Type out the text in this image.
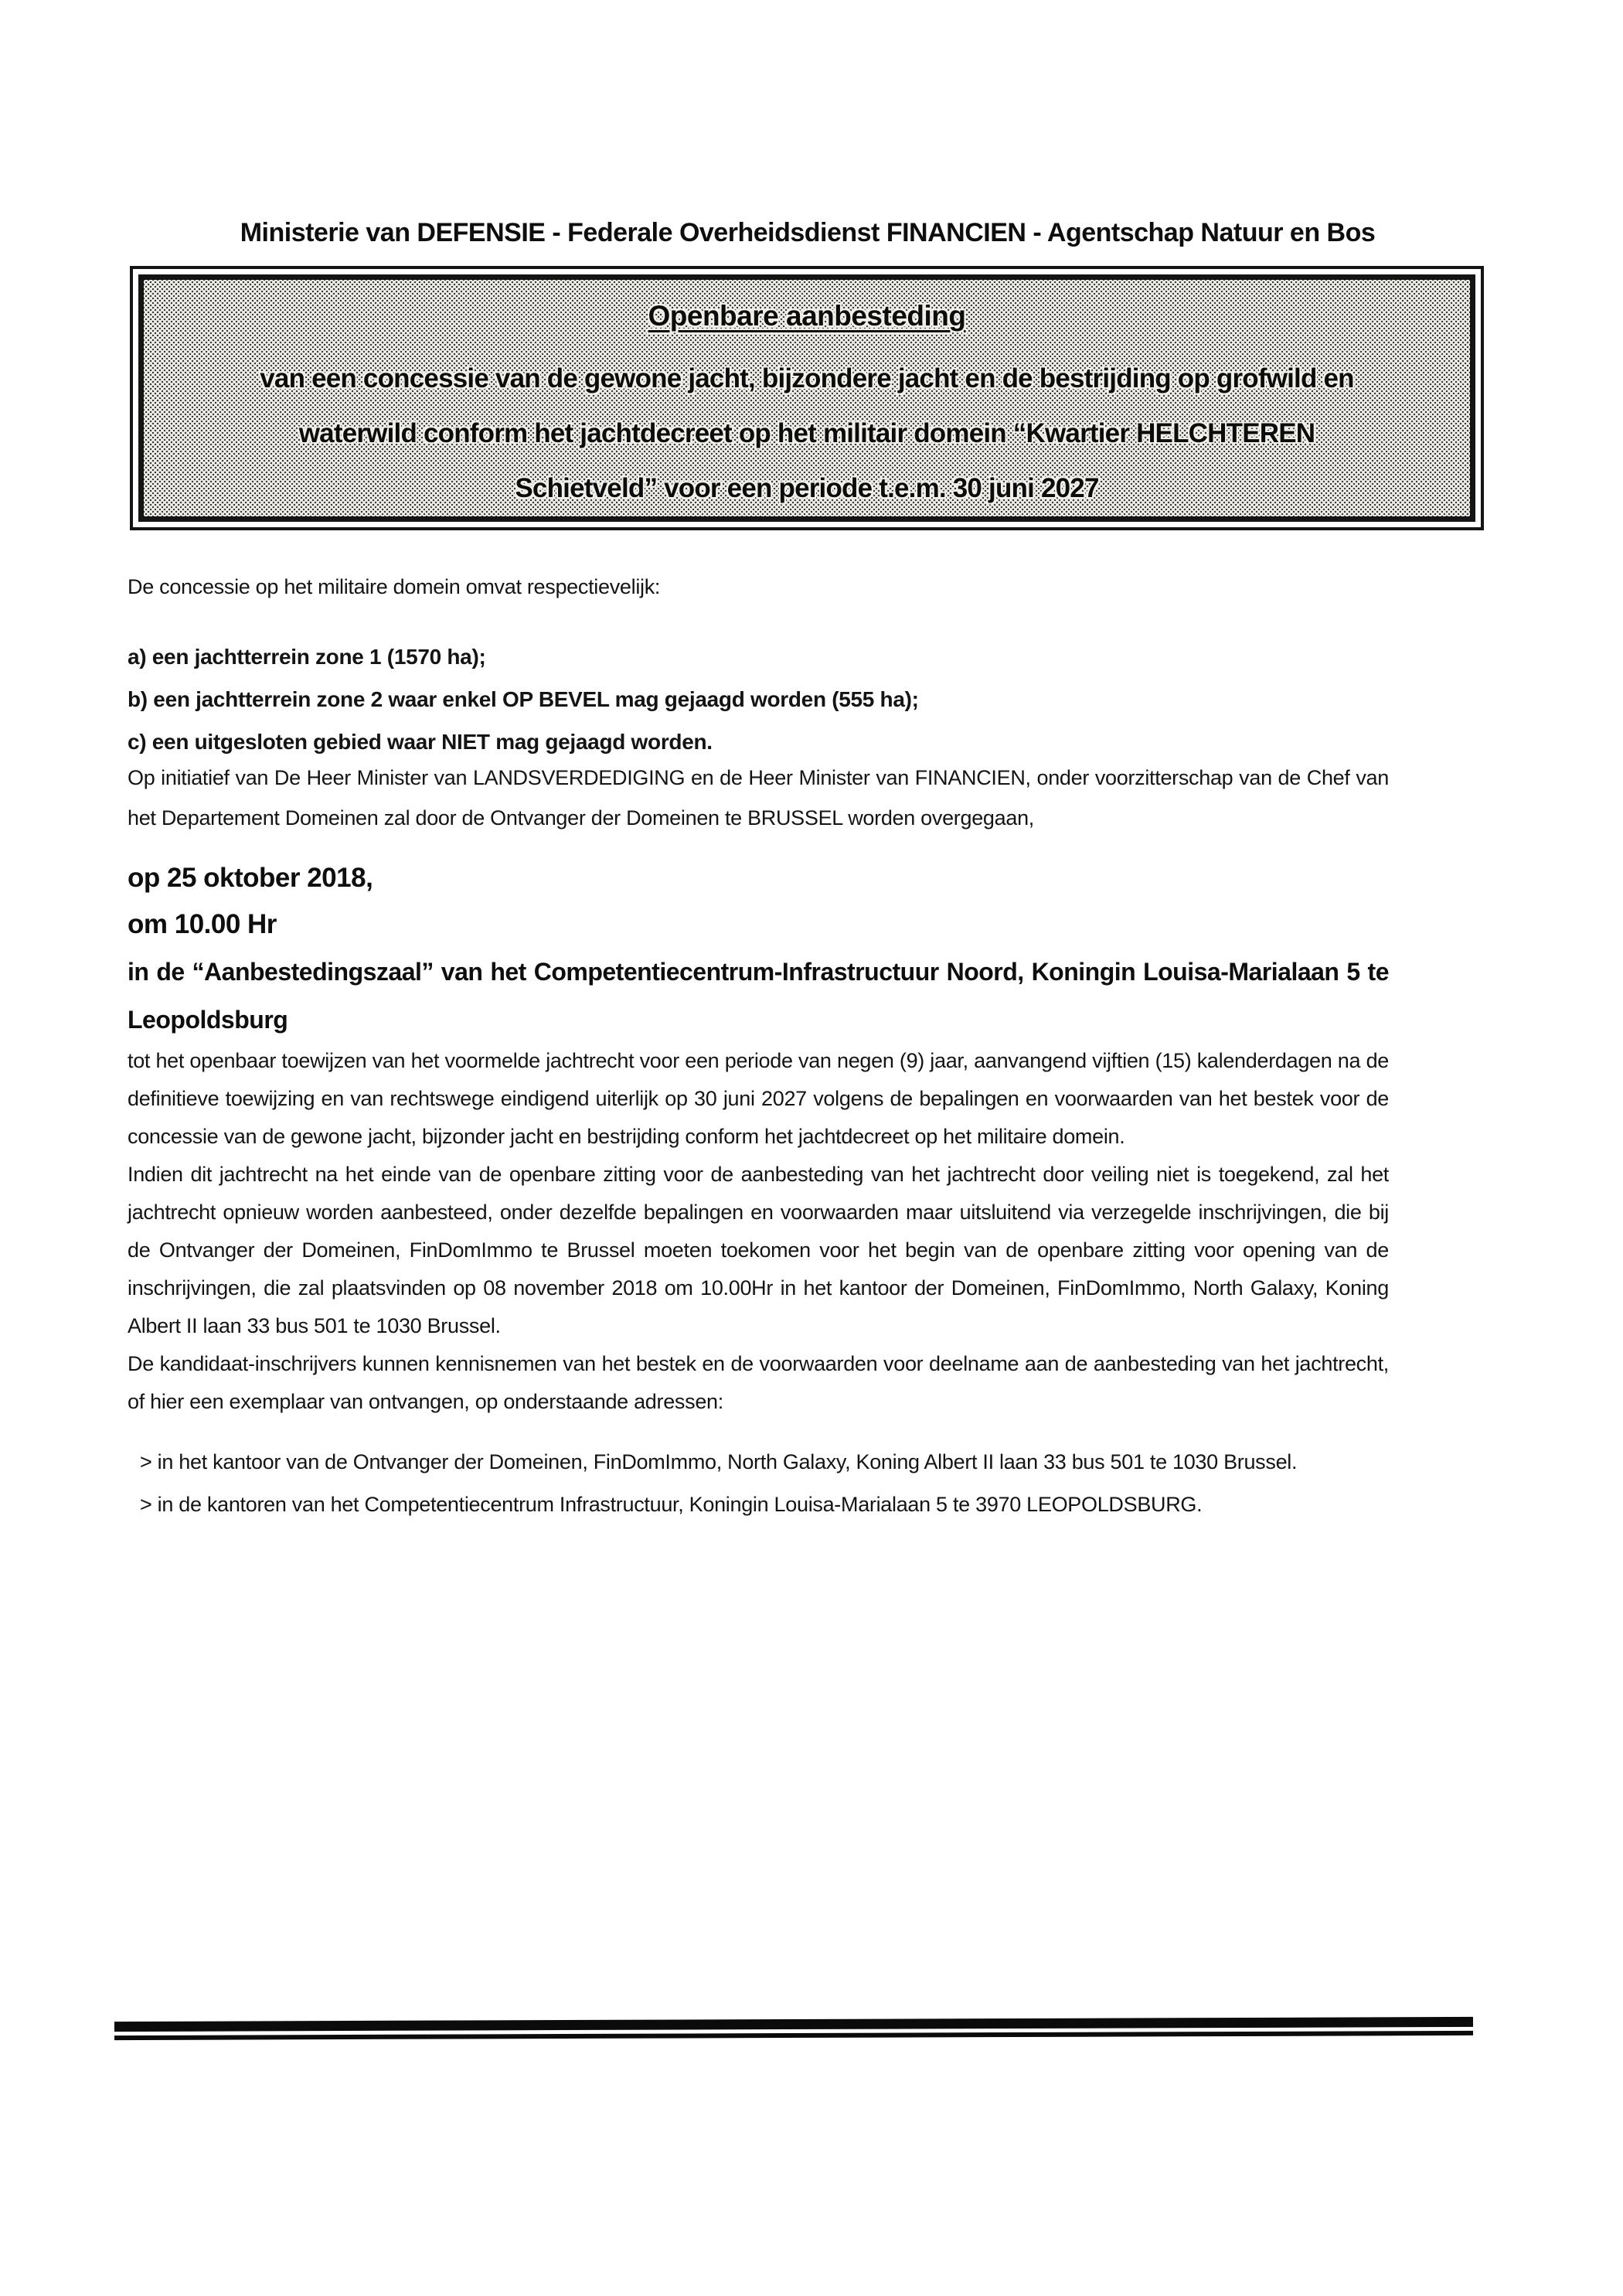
Ministerie van DEFENSIE - Federale Overheidsdienst FINANCIEN - Agentschap Natuur en Bos
Openbare aanbesteding
van een concessie van de gewone jacht, bijzondere jacht en de bestrijding op grofwild en
waterwild conform het jachtdecreet op het militair domein “Kwartier HELCHTEREN
Schietveld” voor een periode t.e.m. 30 juni 2027
De concessie op het militaire domein omvat respectievelijk:
a) een jachtterrein zone 1 (1570 ha);
b) een jachtterrein zone 2 waar enkel OP BEVEL mag gejaagd worden (555 ha);
c) een uitgesloten gebied waar NIET mag gejaagd worden.
Op initiatief van De Heer Minister van LANDSVERDEDIGING en de Heer Minister van FINANCIEN, onder voorzitterschap van de Chef van het Departement Domeinen zal door de Ontvanger der Domeinen te BRUSSEL worden overgegaan,
op 25 oktober 2018,
om 10.00 Hr
in de “Aanbestedingszaal” van het Competentiecentrum-Infrastructuur Noord, Koningin Louisa-Marialaan 5 te Leopoldsburg
tot het openbaar toewijzen van het voormelde jachtrecht voor een periode van negen (9) jaar, aanvangend vijftien (15) kalenderdagen na de definitieve toewijzing en van rechtswege eindigend uiterlijk op 30 juni 2027 volgens de bepalingen en voorwaarden van het bestek voor de concessie van de gewone jacht, bijzonder jacht en bestrijding conform het jachtdecreet op het militaire domein.
Indien dit jachtrecht na het einde van de openbare zitting voor de aanbesteding van het jachtrecht door veiling niet is toegekend, zal het jachtrecht opnieuw worden aanbesteed, onder dezelfde bepalingen en voorwaarden maar uitsluitend via verzegelde inschrijvingen, die bij de Ontvanger der Domeinen, FinDomImmo te Brussel moeten toekomen voor het begin van de openbare zitting voor opening van de inschrijvingen, die zal plaatsvinden op 08 november 2018 om 10.00Hr in het kantoor der Domeinen, FinDomImmo, North Galaxy, Koning Albert II laan 33 bus 501 te 1030 Brussel.
De kandidaat-inschrijvers kunnen kennisnemen van het bestek en de voorwaarden voor deelname aan de aanbesteding van het jachtrecht, of hier een exemplaar van ontvangen, op onderstaande adressen:
> in het kantoor van de Ontvanger der Domeinen, FinDomImmo, North Galaxy, Koning Albert II laan 33 bus 501 te 1030 Brussel.
> in de kantoren van het Competentiecentrum Infrastructuur, Koningin Louisa-Marialaan 5 te 3970 LEOPOLDSBURG.
